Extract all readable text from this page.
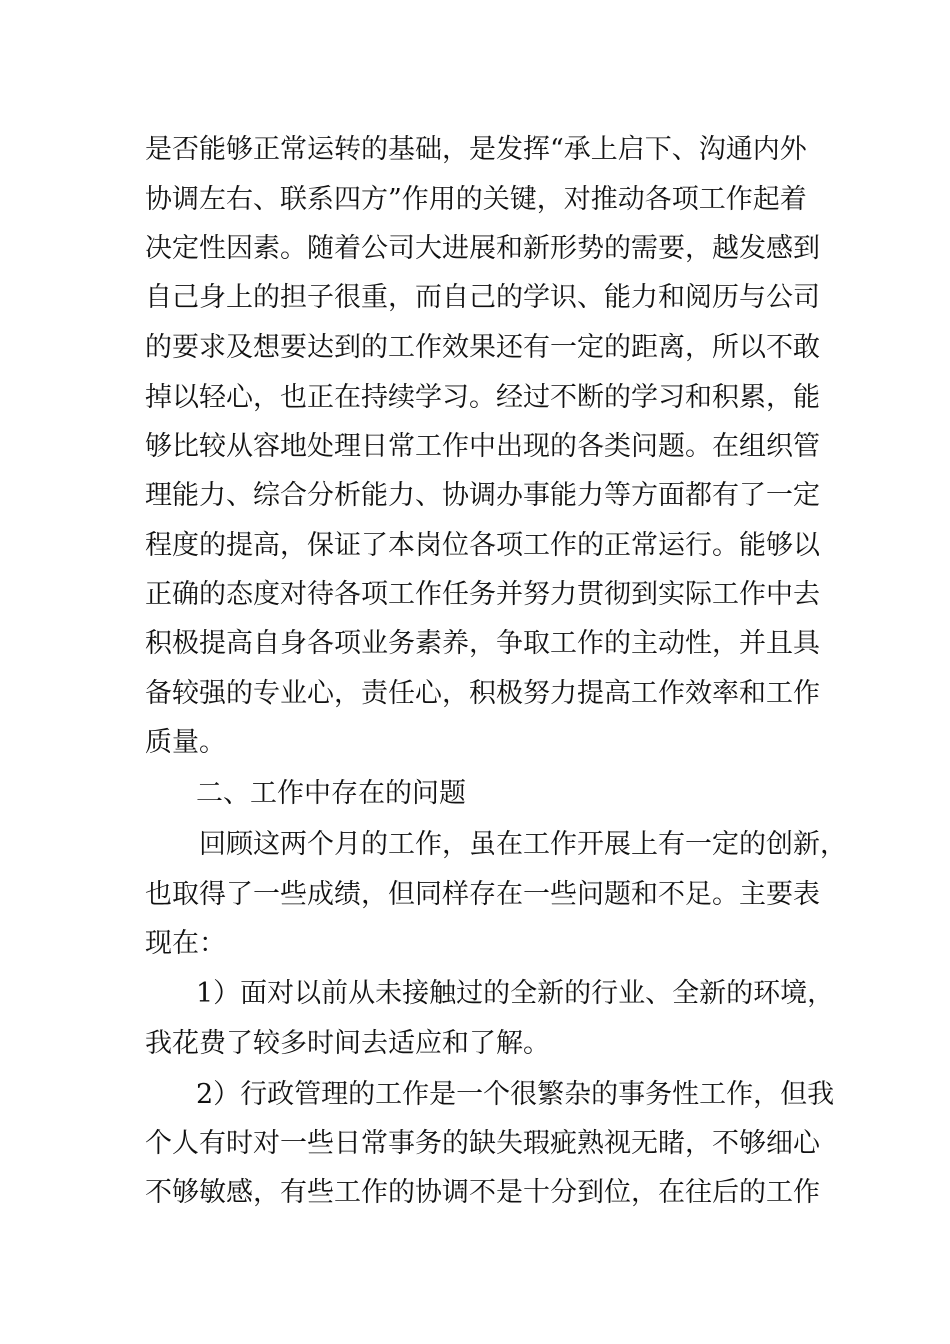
是否能够正常运转的基础，是发挥“承上启下、沟通内外
协调左右、联系四方”作用的关键，对推动各项工作起着
决定性因素。随着公司大进展和新形势的需要，越发感到
自己身上的担子很重，而自己的学识、能力和阅历与公司
的要求及想要达到的工作效果还有一定的距离，所以不敢
掉以轻心，也正在持续学习。经过不断的学习和积累，能
够比较从容地处理日常工作中出现的各类问题。在组织管
理能力、综合分析能力、协调办事能力等方面都有了一定
程度的提高，保证了本岗位各项工作的正常运行。能够以
正确的态度对待各项工作任务并努力贯彻到实际工作中去
积极提高自身各项业务素养，争取工作的主动性，并且具
备较强的专业心，责任心，积极努力提高工作效率和工作
质量。
二、工作中存在的问题
回顾这两个月的工作，虽在工作开展上有一定的创新，
也取得了一些成绩，但同样存在一些问题和不足。主要表
现在：
1）面对以前从未接触过的全新的行业、全新的环境，
我花费了较多时间去适应和了解。
2）行政管理的工作是一个很繁杂的事务性工作，但我
个人有时对一些日常事务的缺失瑕疵熟视无睹，不够细心
不够敏感，有些工作的协调不是十分到位，在往后的工作
